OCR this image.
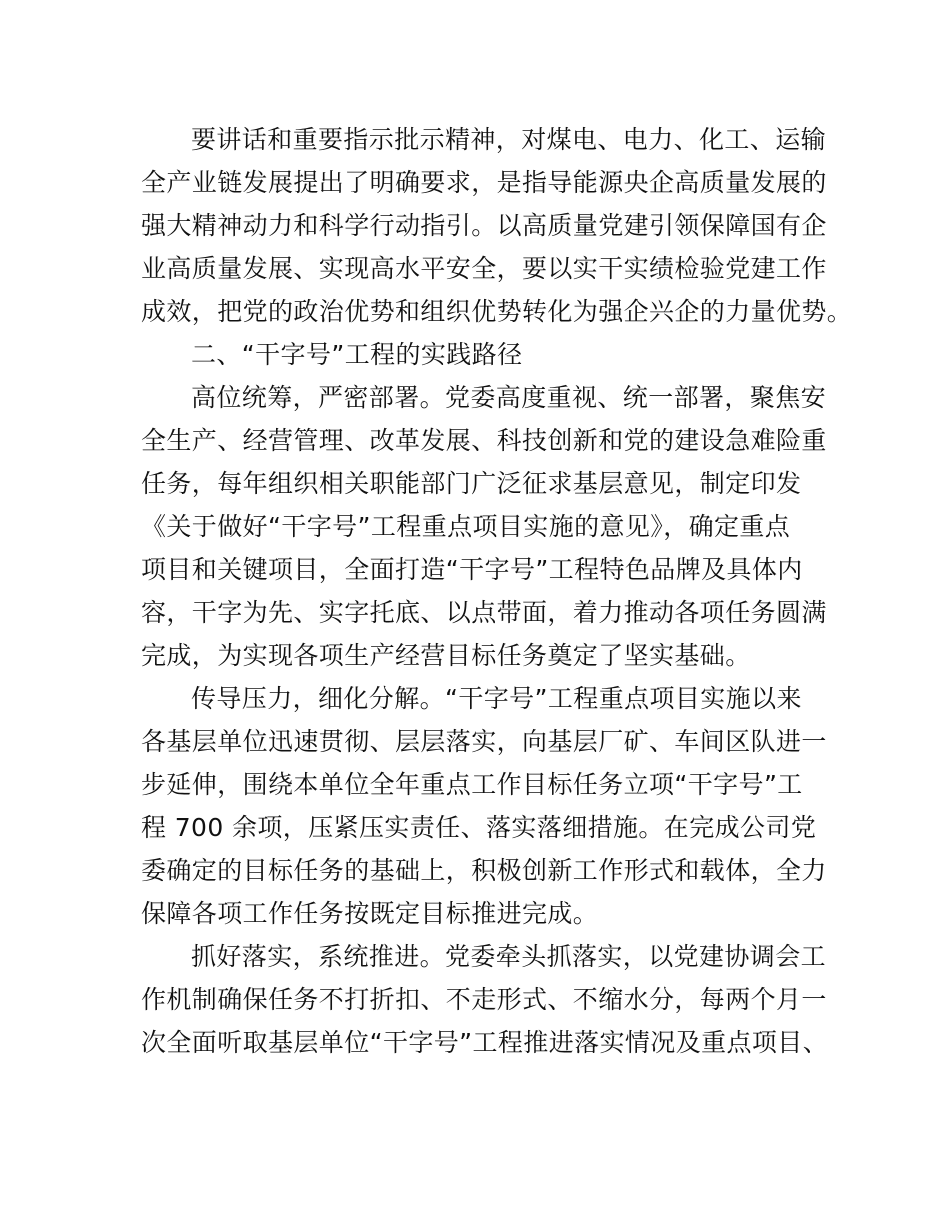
要讲话和重要指示批示精神，对煤电、电力、化工、运输
全产业链发展提出了明确要求，是指导能源央企高质量发展的
强大精神动力和科学行动指引。以高质量党建引领保障国有企
业高质量发展、实现高水平安全，要以实干实绩检验党建工作
成效，把党的政治优势和组织优势转化为强企兴企的力量优势。
二、“干字号”工程的实践路径
高位统筹，严密部署。党委高度重视、统一部署，聚焦安
全生产、经营管理、改革发展、科技创新和党的建设急难险重
任务，每年组织相关职能部门广泛征求基层意见，制定印发
《关于做好“干字号”工程重点项目实施的意见》，确定重点
项目和关键项目，全面打造“干字号”工程特色品牌及具体内
容，干字为先、实字托底、以点带面，着力推动各项任务圆满
完成，为实现各项生产经营目标任务奠定了坚实基础。
传导压力，细化分解。“干字号”工程重点项目实施以来
各基层单位迅速贯彻、层层落实，向基层厂矿、车间区队进一
步延伸，围绕本单位全年重点工作目标任务立项“干字号”工
程 700 余项，压紧压实责任、落实落细措施。在完成公司党
委确定的目标任务的基础上，积极创新工作形式和载体，全力
保障各项工作任务按既定目标推进完成。
抓好落实，系统推进。党委牵头抓落实，以党建协调会工
作机制确保任务不打折扣、不走形式、不缩水分，每两个月一
次全面听取基层单位“干字号”工程推进落实情况及重点项目、
